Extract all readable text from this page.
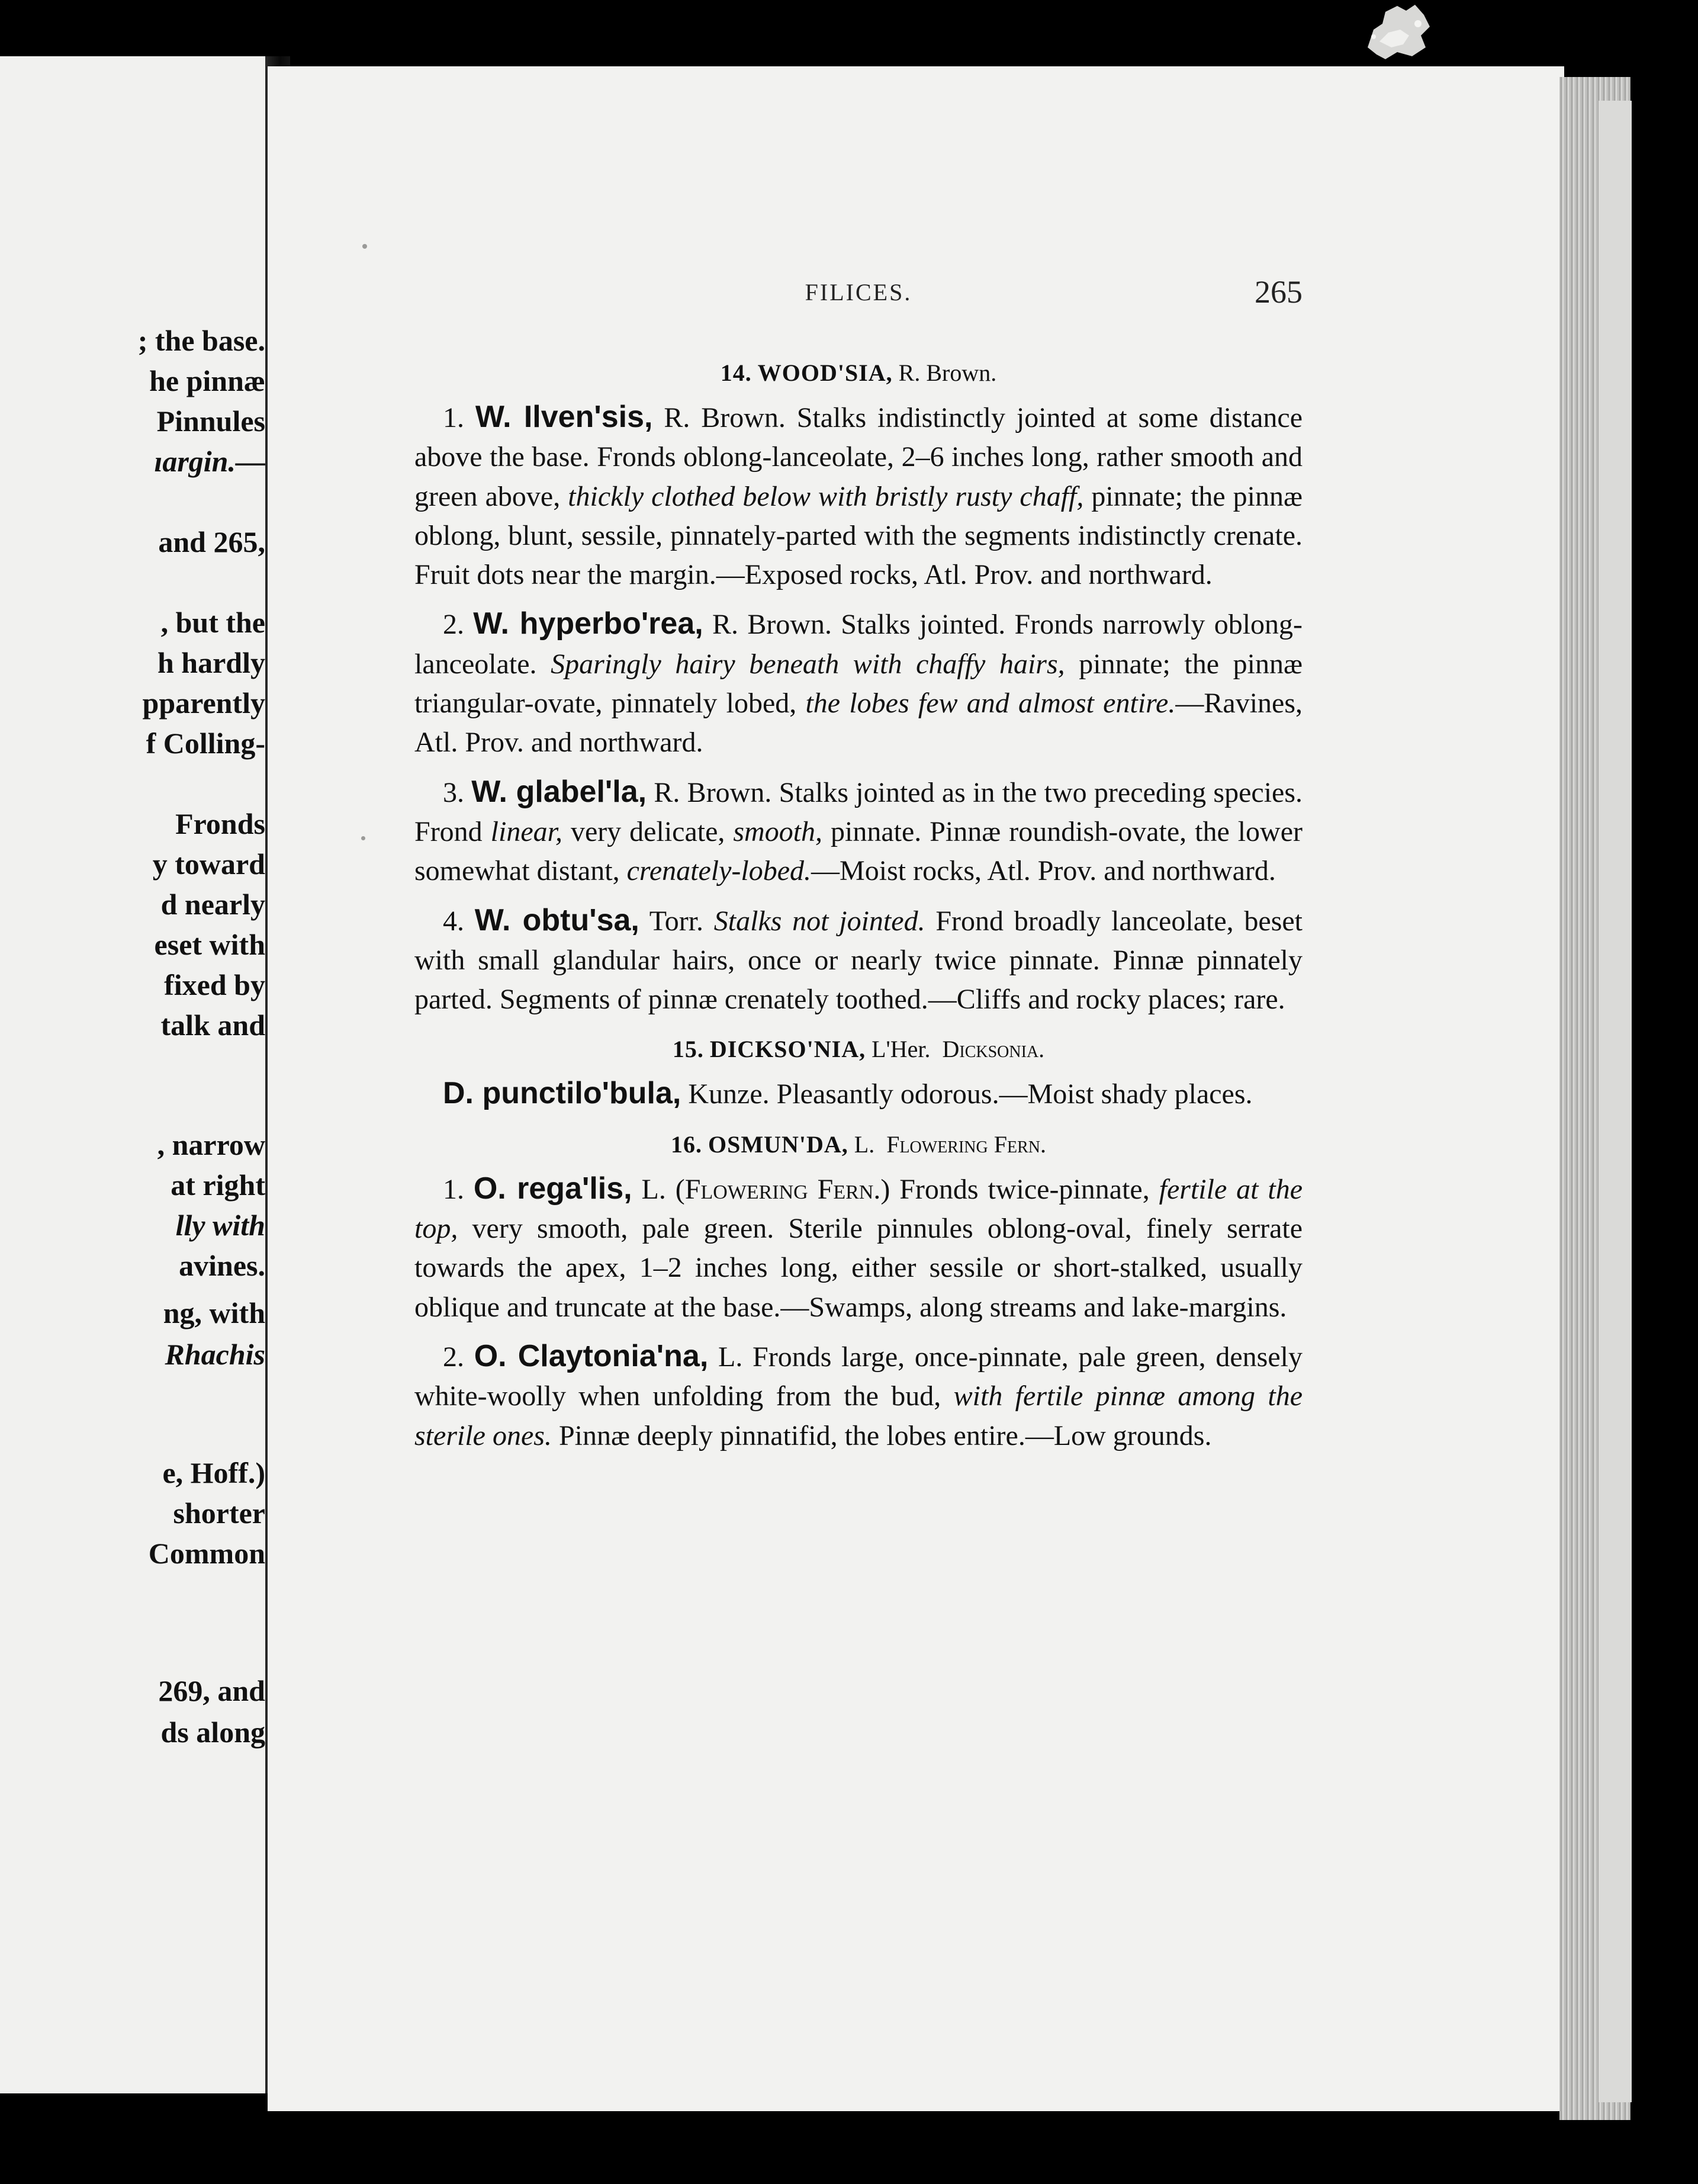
; the base.
he pinnæ
Pinnules
ıargin.—
and 265,
, but the
h hardly
pparently
f Colling-
Fronds
y toward
d nearly
eset with
fixed by
talk and
, narrow
at right
lly with
avines.
ng, with
Rhachis
e, Hoff.)
shorter
Common
269, and
ds along
FILICES.	265

14. WOOD'SIA, R. Brown.

1. W. Ilven'sis, R. Brown. Stalks indistinctly jointed at some distance above the base. Fronds oblong-lanceolate, 2–6 inches long, rather smooth and green above, thickly clothed below with bristly rusty chaff, pinnate; the pinnæ oblong, blunt, sessile, pinnately-parted with the segments indistinctly crenate. Fruit dots near the margin.—Exposed rocks, Atl. Prov. and northward.

2. W. hyperbo'rea, R. Brown. Stalks jointed. Fronds narrowly oblong-lanceolate. Sparingly hairy beneath with chaffy hairs, pinnate; the pinnæ triangular-ovate, pinnately lobed, the lobes few and almost entire.—Ravines, Atl. Prov. and northward.

3. W. glabel'la, R. Brown. Stalks jointed as in the two preceding species. Frond linear, very delicate, smooth, pinnate. Pinnæ roundish-ovate, the lower somewhat distant, crenately-lobed.—Moist rocks, Atl. Prov. and northward.

4. W. obtu'sa, Torr. Stalks not jointed. Frond broadly lanceolate, beset with small glandular hairs, once or nearly twice pinnate. Pinnæ pinnately parted. Segments of pinnæ crenately toothed.—Cliffs and rocky places; rare.

15. DICKSO'NIA, L'Her. Dicksonia.

D. punctilo'bula, Kunze. Pleasantly odorous.—Moist shady places.

16. OSMUN'DA, L. Flowering Fern.

1. O. rega'lis, L. (Flowering Fern.) Fronds twice-pinnate, fertile at the top, very smooth, pale green. Sterile pinnules oblong-oval, finely serrate towards the apex, 1–2 inches long, either sessile or short-stalked, usually oblique and truncate at the base.—Swamps, along streams and lake-margins.

2. O. Claytonia'na, L. Fronds large, once-pinnate, pale green, densely white-woolly when unfolding from the bud, with fertile pinnæ among the sterile ones. Pinnæ deeply pinnatifid, the lobes entire.—Low grounds.
